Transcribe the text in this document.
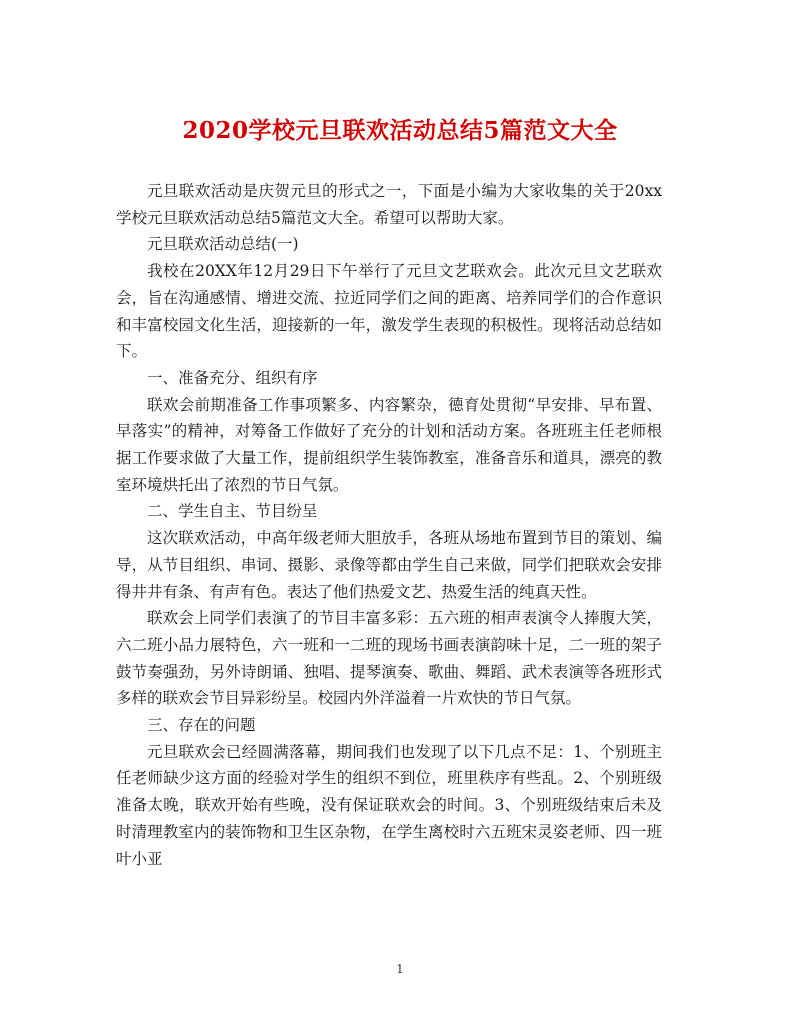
2020学校元旦联欢活动总结5篇范文大全

元旦联欢活动是庆贺元旦的形式之一，下面是小编为大家收集的关于20xx学校元旦联欢活动总结5篇范文大全。希望可以帮助大家。

元旦联欢活动总结(一)

我校在20XX年12月29日下午举行了元旦文艺联欢会。此次元旦文艺联欢会，旨在沟通感情、增进交流、拉近同学们之间的距离、培养同学们的合作意识和丰富校园文化生活，迎接新的一年，激发学生表现的积极性。现将活动总结如下。

一、准备充分、组织有序

联欢会前期准备工作事项繁多、内容繁杂，德育处贯彻“早安排、早布置、早落实”的精神，对筹备工作做好了充分的计划和活动方案。各班班主任老师根据工作要求做了大量工作，提前组织学生装饰教室，准备音乐和道具，漂亮的教室环境烘托出了浓烈的节日气氛。

二、学生自主、节目纷呈

这次联欢活动，中高年级老师大胆放手，各班从场地布置到节目的策划、编导，从节目组织、串词、摄影、录像等都由学生自己来做，同学们把联欢会安排得井井有条、有声有色。表达了他们热爱文艺、热爱生活的纯真天性。

联欢会上同学们表演了的节目丰富多彩：五六班的相声表演令人捧腹大笑，六二班小品力展特色，六一班和一二班的现场书画表演韵味十足，二一班的架子鼓节奏强劲，另外诗朗诵、独唱、提琴演奏、歌曲、舞蹈、武术表演等各班形式多样的联欢会节目异彩纷呈。校园内外洋溢着一片欢快的节日气氛。

三、存在的问题

元旦联欢会已经圆满落幕，期间我们也发现了以下几点不足：1、个别班主任老师缺少这方面的经验对学生的组织不到位，班里秩序有些乱。2、个别班级准备太晚，联欢开始有些晚，没有保证联欢会的时间。3、个别班级结束后未及时清理教室内的装饰物和卫生区杂物，在学生离校时六五班宋灵姿老师、四一班叶小亚

1
